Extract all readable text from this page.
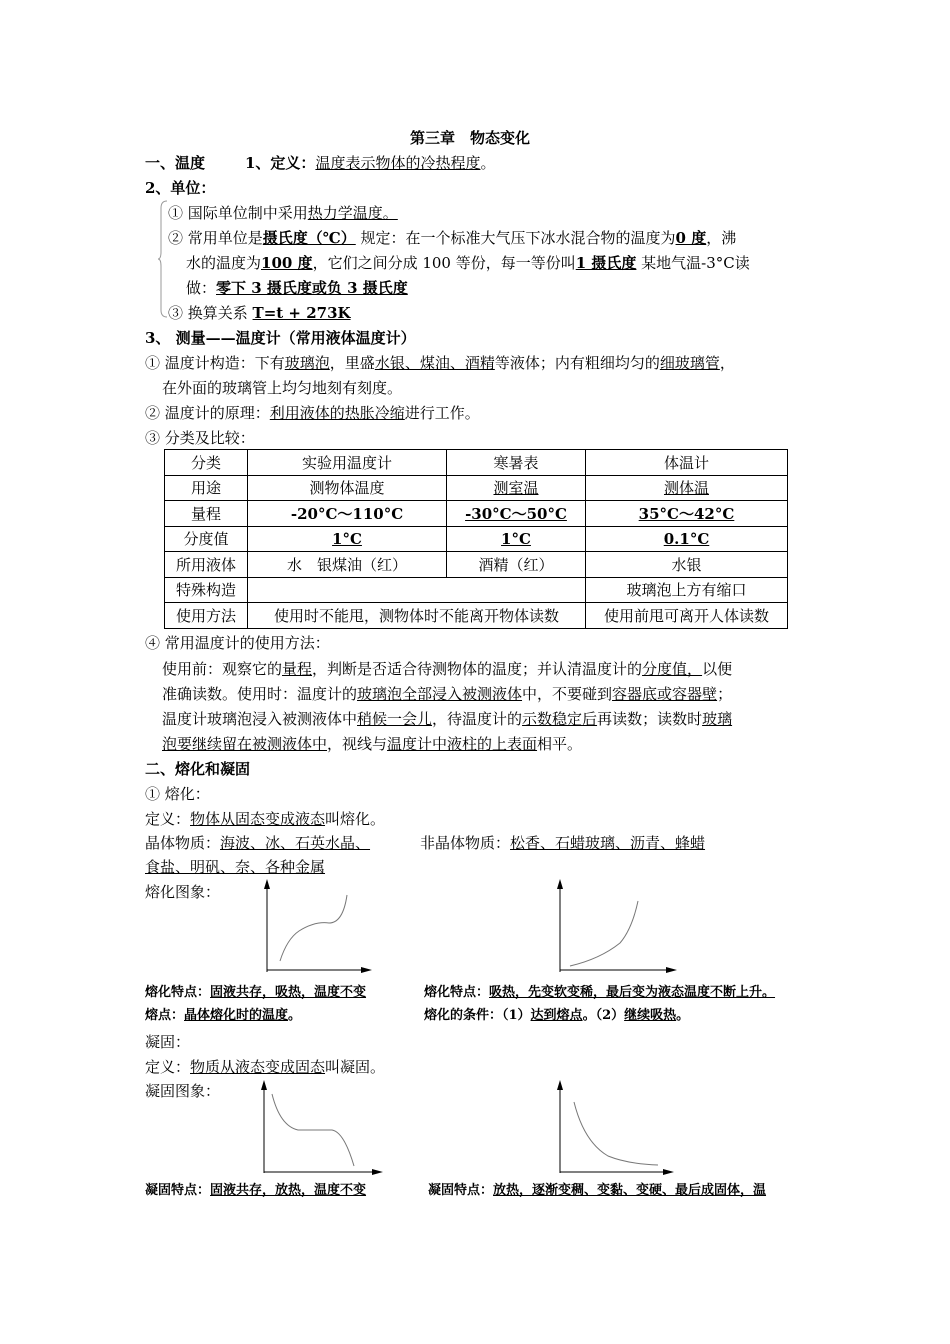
第三章　物态变化
一、温度	1、定义：温度表示物体的冷热程度。
2、单位：
① 国际单位制中采用热力学温度。
② 常用单位是摄氏度（℃） 规定：在一个标准大气压下冰水混合物的温度为0 度，沸
水的温度为100 度，它们之间分成 100 等份，每一等份叫1 摄氏度 某地气温-3°C读
做：零下 3 摄氏度或负 3 摄氏度
③ 换算关系 T=t + 273K
3、 测量——温度计（常用液体温度计）
① 温度计构造：下有玻璃泡，里盛水银、煤油、酒精等液体；内有粗细均匀的细玻璃管，
在外面的玻璃管上均匀地刻有刻度。
② 温度计的原理：利用液体的热胀冷缩进行工作。
③ 分类及比较：
分类	实验用温度计	寒暑表	体温计
用途	测物体温度	测室温	测体温
量程	-20°C～110°C	-30°C～50°C	35°C～42°C
分度值	1°C	1°C	0.1°C
所用液体	水　银煤油（红）	酒精（红）	水银
特殊构造			玻璃泡上方有缩口
使用方法	使用时不能甩，测物体时不能离开物体读数		使用前甩可离开人体读数
④ 常用温度计的使用方法：
使用前：观察它的量程，判断是否适合待测物体的温度；并认清温度计的分度值，以便
准确读数。使用时：温度计的玻璃泡全部浸入被测液体中，不要碰到容器底或容器壁；
温度计玻璃泡浸入被测液体中稍候一会儿，待温度计的示数稳定后再读数；读数时玻璃
泡要继续留在被测液体中，视线与温度计中液柱的上表面相平。
二、熔化和凝固
① 熔化：
定义：物体从固态变成液态叫熔化。
晶体物质：海波、冰、石英水晶、	非晶体物质：松香、石蜡玻璃、沥青、蜂蜡
食盐、明矾、奈、各种金属
熔化图象：
熔化特点：固液共存，吸热，温度不变	熔化特点：吸热，先变软变稀，最后变为液态温度不断上升。
熔点：晶体熔化时的温度。	熔化的条件：（1）达到熔点。（2）继续吸热。
凝固：
定义：物质从液态变成固态叫凝固。
凝固图象：
凝固特点：固液共存，放热，温度不变	凝固特点：放热，逐渐变稠、变黏、变硬、最后成固体，温
